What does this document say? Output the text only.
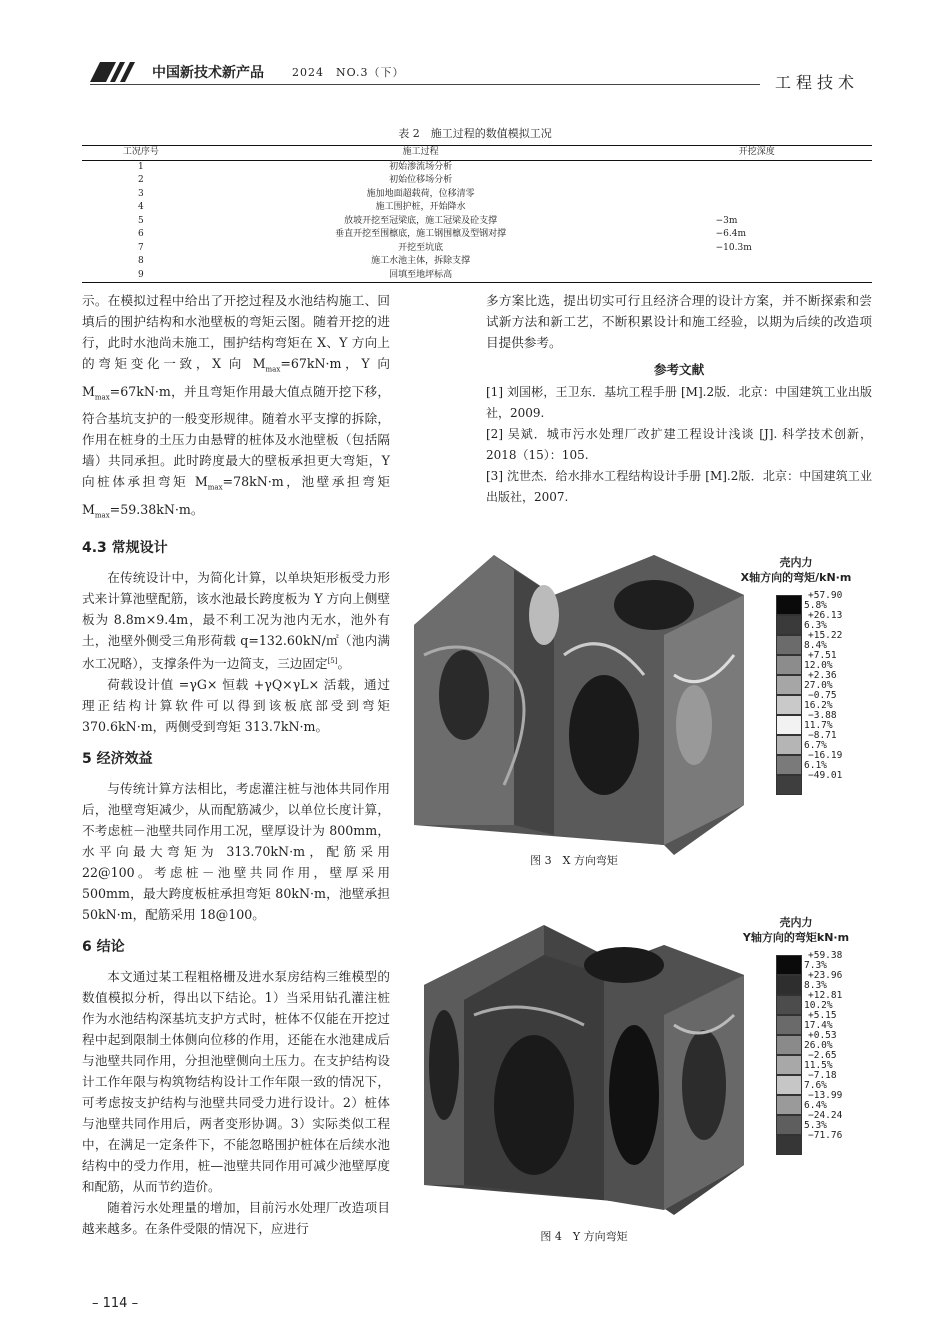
中国新技术新产品	2024　NO.3（下）
工程技术
表 2　施工过程的数值模拟工况
工况序号	施工过程	开挖深度
1	初始渗流场分析	
2	初始位移场分析	
3	施加地面超载荷，位移清零	
4	施工围护桩，开始降水	
5	放坡开挖至冠梁底，施工冠梁及砼支撑	−3m
6	垂直开挖至围檩底，施工钢围檩及型钢对撑	−6.4m
7	开挖至坑底	−10.3m
8	施工水池主体，拆除支撑	
9	回填至地坪标高	

示。在模拟过程中给出了开挖过程及水池结构施工、回填后的围护结构和水池壁板的弯矩云图。随着开挖的进行，此时水池尚未施工，围护结构弯矩在 X、Y 方向上的弯矩变化一致，X 向 $M_{max}=67kN\cdot m$，Y 向 $M_{max}=67kN\cdot m$，并且弯矩作用最大值点随开挖下移，符合基坑支护的一般变形规律。随着水平支撑的拆除，作用在桩身的土压力由悬臂的桩体及水池壁板（包括隔墙）共同承担。此时跨度最大的壁板承担更大弯矩，Y 向桩体承担弯矩 $M_{max}=78kN\cdot m$，池壁承担弯矩 $M_{max}=59.38kN\cdot m$。

4.3 常规设计

在传统设计中，为简化计算，以单块矩形板受力形式来计算池壁配筋，该水池最长跨度板为 Y 方向上侧壁板为 8.8m×9.4m，最不利工况为池内无水，池外有土，池壁外侧受三角形荷载 q=132.60kN/㎡（池内满水工况略），支撑条件为一边简支，三边固定[5]。

荷载设计值 =γG× 恒载 +γQ×γL× 活载，通过理正结构计算软件可以得到该板底部受到弯矩 370.6kN·m，两侧受到弯矩 313.7kN·m。

5 经济效益

与传统计算方法相比，考虑灌注桩与池体共同作用后，池壁弯矩减少，从而配筋减少，以单位长度计算，不考虑桩－池壁共同作用工况，壁厚设计为 800mm，水平向最大弯矩为 313.70kN·m，配筋采用 22@100。考虑桩－池壁共同作用，壁厚采用 500mm，最大跨度板桩承担弯矩 80kN·m，池壁承担 50kN·m，配筋采用 18@100。

6 结论

本文通过某工程粗格栅及进水泵房结构三维模型的数值模拟分析，得出以下结论。1）当采用钻孔灌注桩作为水池结构深基坑支护方式时，桩体不仅能在开挖过程中起到限制土体侧向位移的作用，还能在水池建成后与池壁共同作用，分担池壁侧向土压力。在支护结构设计工作年限与构筑物结构设计工作年限一致的情况下，可考虑按支护结构与池壁共同受力进行设计。2）桩体与池壁共同作用后，两者变形协调。3）实际类似工程中，在满足一定条件下，不能忽略围护桩体在后续水池结构中的受力作用，桩—池壁共同作用可减少池壁厚度和配筋，从而节约造价。

随着污水处理量的增加，目前污水处理厂改造项目越来越多。在条件受限的情况下，应进行

多方案比选，提出切实可行且经济合理的设计方案，并不断探索和尝试新方法和新工艺，不断积累设计和施工经验，以期为后续的改造项目提供参考。

参考文献

[1] 刘国彬，王卫东．基坑工程手册 [M].2版．北京：中国建筑工业出版社，2009.

[2] 吴斌．城市污水处理厂改扩建工程设计浅谈 [J]. 科学技术创新，2018（15）：105.

[3] 沈世杰．给水排水工程结构设计手册 [M].2版．北京：中国建筑工业出版社，2007.

壳内力
X轴方向的弯矩/kN·m
+57.90
+26.13
+15.22
+7.51
+2.36
−0.75
−3.88
−8.71
−16.19
−49.01
5.8%
6.3%
8.4%
12.0%
27.0%
16.2%
11.7%
6.7%
6.1%
图 3　X 方向弯矩
壳内力
Y轴方向的弯矩kN·m
+59.38
+23.96
+12.81
+5.15
+0.53
−2.65
−7.18
−13.99
−24.24
−71.76
7.3%
8.3%
10.2%
17.4%
26.0%
11.5%
7.6%
6.4%
5.3%
图 4　Y 方向弯矩
– 114 –
